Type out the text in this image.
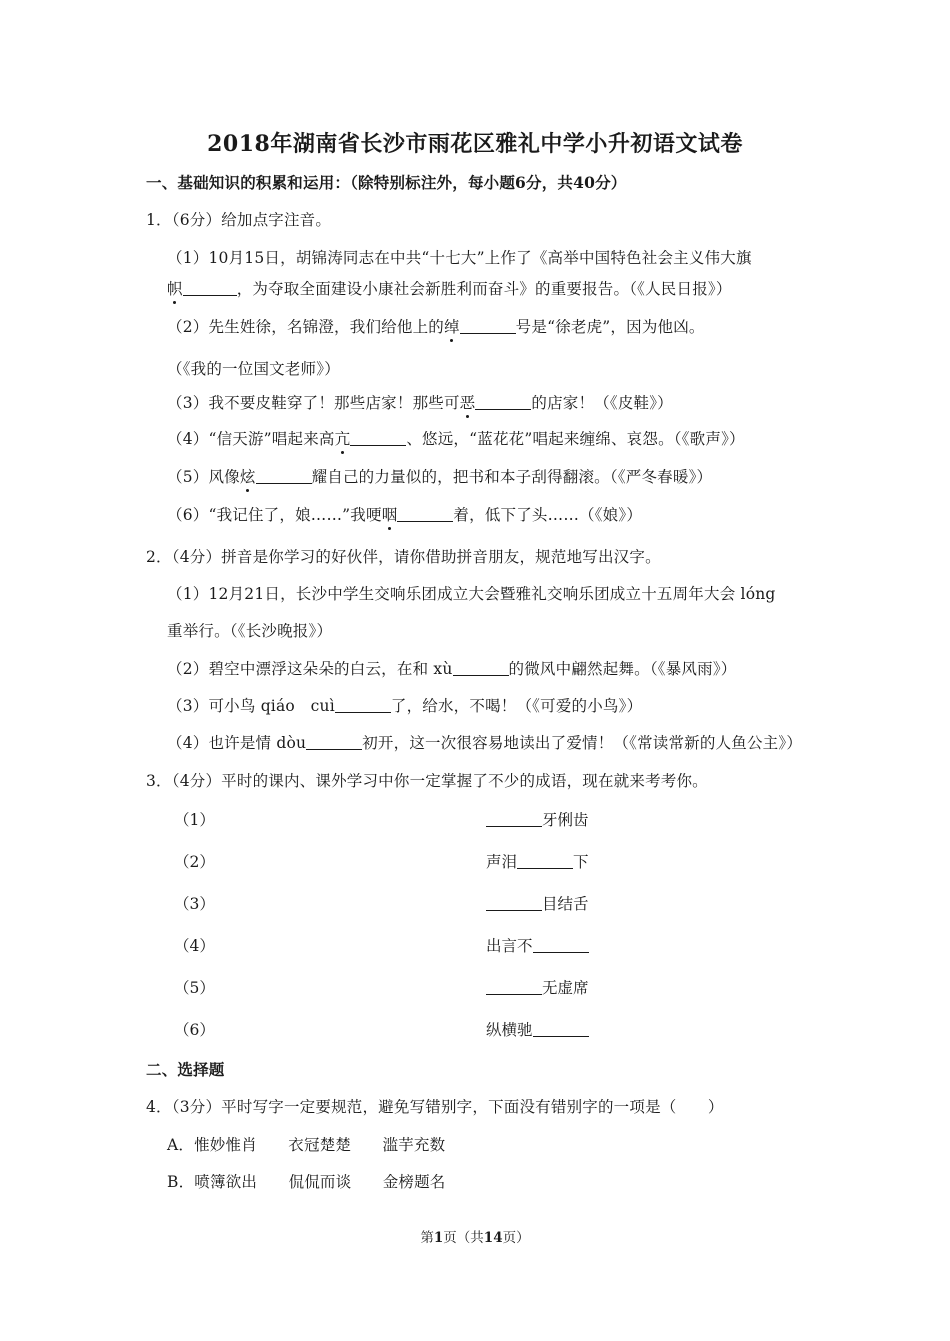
2018年湖南省长沙市雨花区雅礼中学小升初语文试卷
一、基础知识的积累和运用：（除特别标注外，每小题6分，共40分）
1．（6分）给加点字注音。
（1）10月15日，胡锦涛同志在中共“十七大”上作了《高举中国特色社会主义伟大旗
帜	，为夺取全面建设小康社会新胜利而奋斗》的重要报告。（《人民日报》）
（2）先生姓徐，名锦澄，我们给他上的绰	号是“徐老虎”，因为他凶。
（《我的一位国文老师》）
（3）我不要皮鞋穿了！那些店家！那些可恶	的店家！（《皮鞋》）
（4）“信天游”唱起来高亢	、悠远，“蓝花花”唱起来缠绵、哀怨。（《歌声》）
（5）风像炫	耀自己的力量似的，把书和本子刮得翻滚。（《严冬春暖》）
（6）“我记住了，娘……”我哽咽	着，低下了头……（《娘》）
2．（4分）拼音是你学习的好伙伴，请你借助拼音朋友，规范地写出汉字。
（1）12月21日，长沙中学生交响乐团成立大会暨雅礼交响乐团成立十五周年大会 lóng
重举行。（《长沙晚报》）
（2）碧空中漂浮这朵朵的白云，在和 xù	的微风中翩然起舞。（《暴风雨》）
（3）可小鸟 qiáo　cuì	了，给水，不喝！（《可爱的小鸟》）
（4）也许是情 dòu	初开，这一次很容易地读出了爱情！（《常读常新的人鱼公主》）
3．（4分）平时的课内、课外学习中你一定掌握了不少的成语，现在就来考考你。
（1）	牙俐齿
（2）	声泪	下
（3）	目结舌
（4）	出言不
（5）	无虚席
（6）	纵横驰
二、选择题
4．（3分）平时写字一定要规范，避免写错别字，下面没有错别字的一项是（　　）
A．惟妙惟肖　　衣冠楚楚　　滥芋充数
B．喷簿欲出　　侃侃而谈　　金榜题名
第1页（共14页）
